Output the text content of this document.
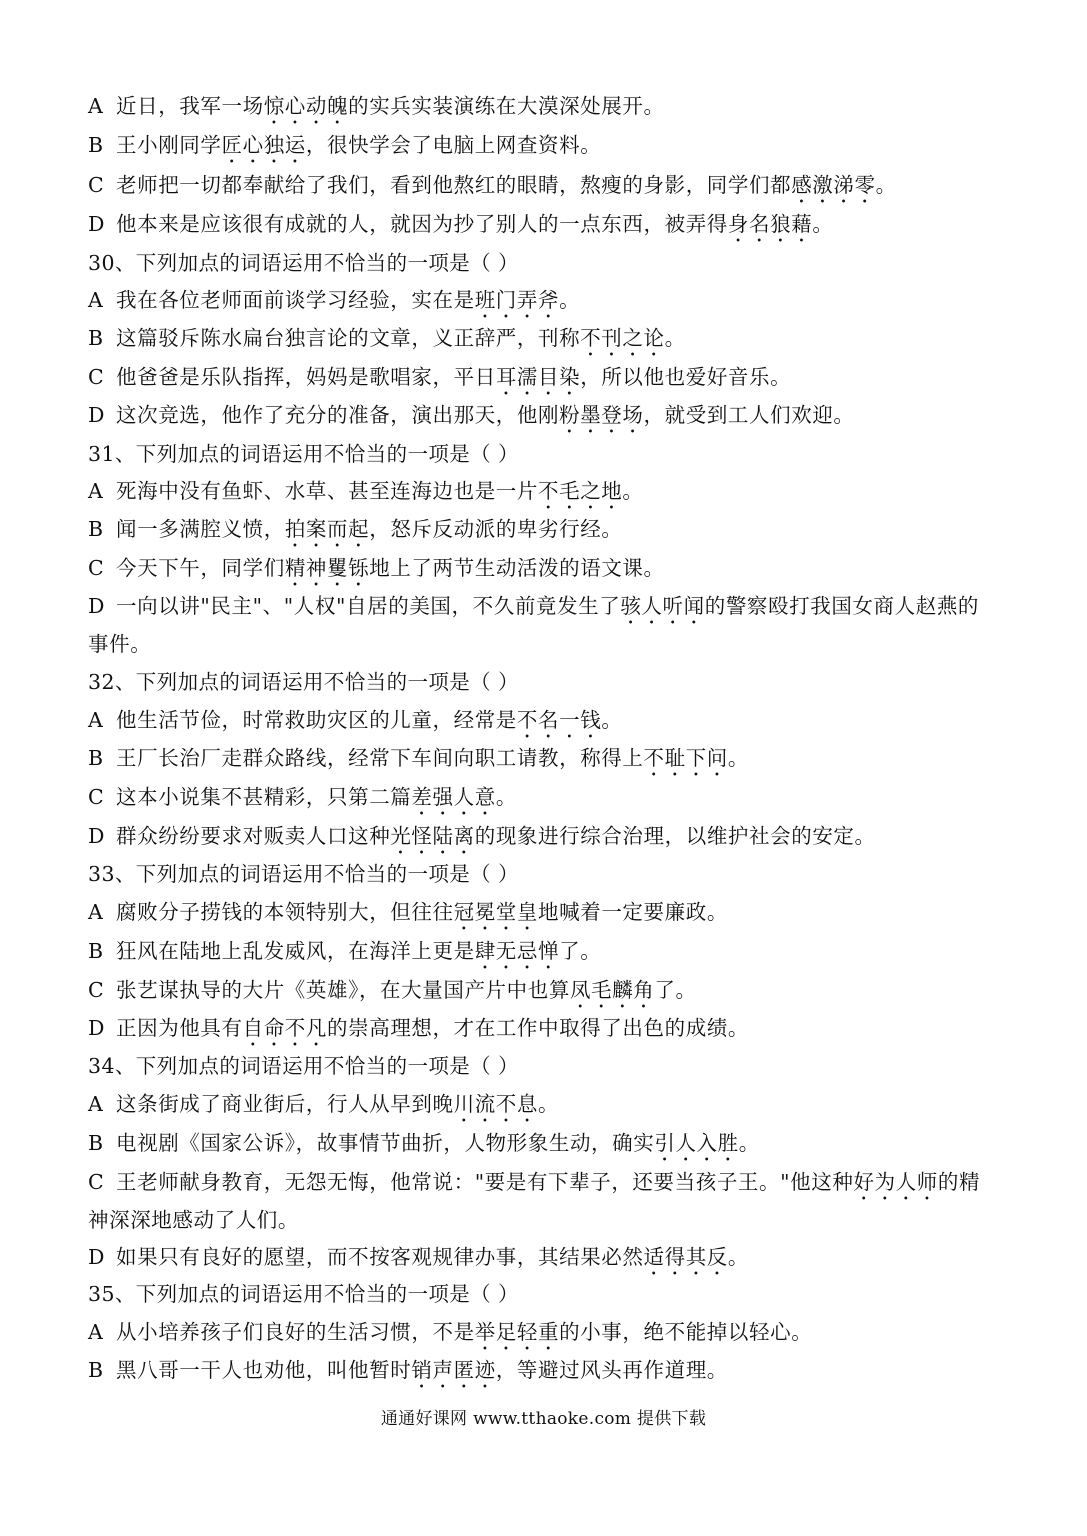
A 近日，我军一场惊心动魄的实兵实装演练在大漠深处展开。
B 王小刚同学匠心独运，很快学会了电脑上网查资料。
C 老师把一切都奉献给了我们，看到他熬红的眼睛，熬瘦的身影，同学们都感激涕零。
D 他本来是应该很有成就的人，就因为抄了别人的一点东西，被弄得身名狼藉。
30、下列加点的词语运用不恰当的一项是（ ）
A 我在各位老师面前谈学习经验，实在是班门弄斧。
B 这篇驳斥陈水扁台独言论的文章，义正辞严，刊称不刊之论。
C 他爸爸是乐队指挥，妈妈是歌唱家，平日耳濡目染，所以他也爱好音乐。
D 这次竞选，他作了充分的准备，演出那天，他刚粉墨登场，就受到工人们欢迎。
31、下列加点的词语运用不恰当的一项是（ ）
A 死海中没有鱼虾、水草、甚至连海边也是一片不毛之地。
B 闻一多满腔义愤，拍案而起，怒斥反动派的卑劣行经。
C 今天下午，同学们精神矍铄地上了两节生动活泼的语文课。
D 一向以讲"民主"、"人权"自居的美国，不久前竟发生了骇人听闻的警察殴打我国女商人赵燕的
事件。
32、下列加点的词语运用不恰当的一项是（ ）
A 他生活节俭，时常救助灾区的儿童，经常是不名一钱。
B 王厂长治厂走群众路线，经常下车间向职工请教，称得上不耻下问。
C 这本小说集不甚精彩，只第二篇差强人意。
D 群众纷纷要求对贩卖人口这种光怪陆离的现象进行综合治理，以维护社会的安定。
33、下列加点的词语运用不恰当的一项是（ ）
A 腐败分子捞钱的本领特别大，但往往冠冕堂皇地喊着一定要廉政。
B 狂风在陆地上乱发威风，在海洋上更是肆无忌惮了。
C 张艺谋执导的大片《英雄》，在大量国产片中也算凤毛麟角了。
D 正因为他具有自命不凡的崇高理想，才在工作中取得了出色的成绩。
34、下列加点的词语运用不恰当的一项是（ ）
A 这条街成了商业街后，行人从早到晚川流不息。
B 电视剧《国家公诉》，故事情节曲折，人物形象生动，确实引人入胜。
C 王老师献身教育，无怨无悔，他常说："要是有下辈子，还要当孩子王。"他这种好为人师的精
神深深地感动了人们。
D 如果只有良好的愿望，而不按客观规律办事，其结果必然适得其反。
35、下列加点的词语运用不恰当的一项是（ ）
A 从小培养孩子们良好的生活习惯，不是举足轻重的小事，绝不能掉以轻心。
B 黑八哥一干人也劝他，叫他暂时销声匿迹，等避过风头再作道理。
通通好课网 www.tthaoke.com 提供下载
